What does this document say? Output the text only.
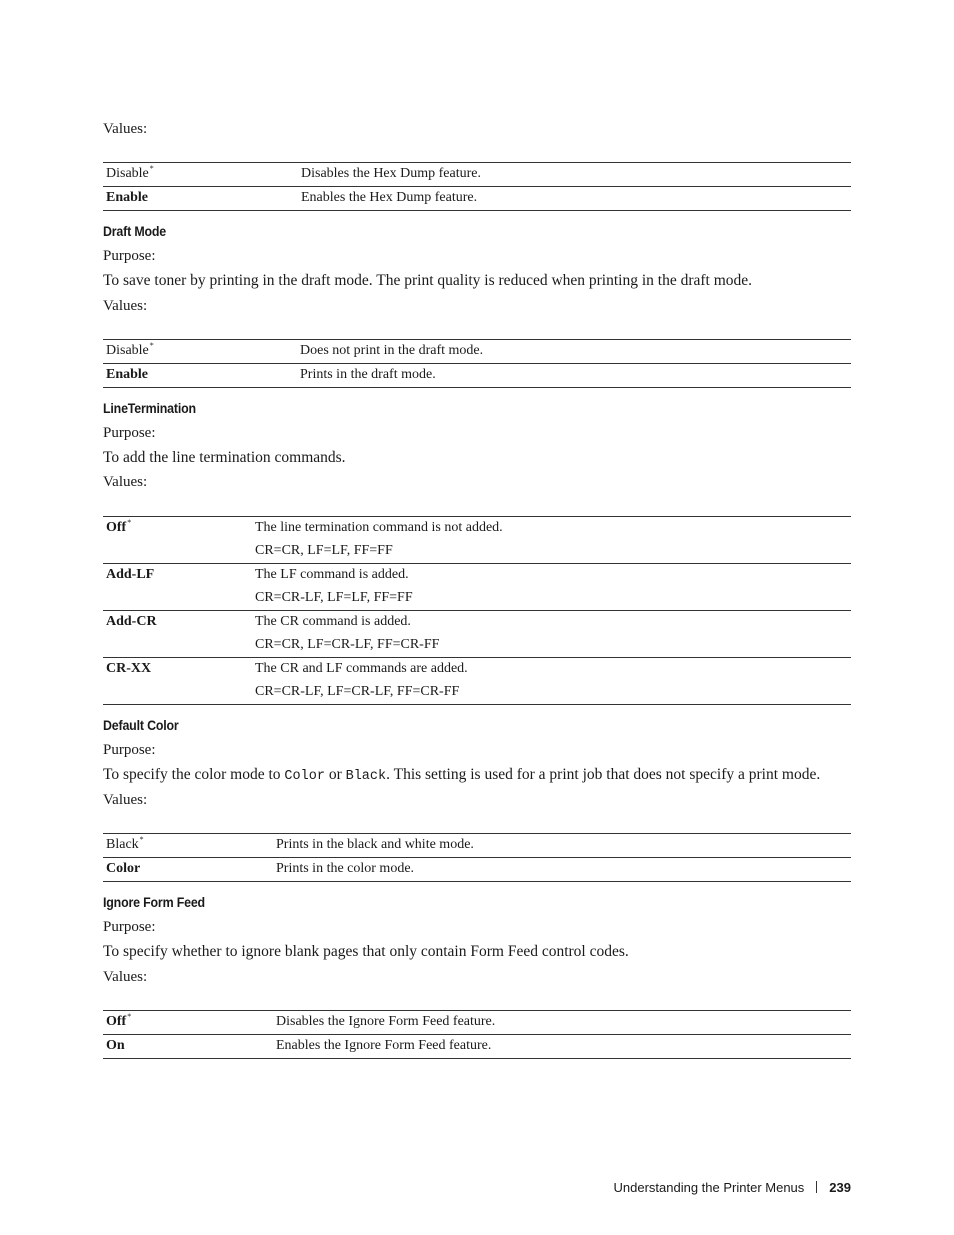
Values:
Disable*	Disables the Hex Dump feature.

Enable	Enables the Hex Dump feature.
Draft Mode
Purpose:
To save toner by printing in the draft mode. The print quality is reduced when printing in the draft mode.
Values:
Disable*	Does not print in the draft mode.

Enable	Prints in the draft mode.
LineTermination
Purpose:
To add the line termination commands.
Values:
Off*	The line termination command is not added.
CR=CR, LF=LF, FF=FF

Add-LF	The LF command is added.
CR=CR-LF, LF=LF, FF=FF

Add-CR	The CR command is added.
CR=CR, LF=CR-LF, FF=CR-FF

CR-XX	The CR and LF commands are added.
CR=CR-LF, LF=CR-LF, FF=CR-FF
Default Color
Purpose:
To specify the color mode to Color or Black. This setting is used for a print job that does not specify a print mode.
Values:
Black*	Prints in the black and white mode.

Color	Prints in the color mode.
Ignore Form Feed
Purpose:
To specify whether to ignore blank pages that only contain Form Feed control codes.
Values:
Off*	Disables the Ignore Form Feed feature.

On	Enables the Ignore Form Feed feature.
Understanding the Printer Menus 239
